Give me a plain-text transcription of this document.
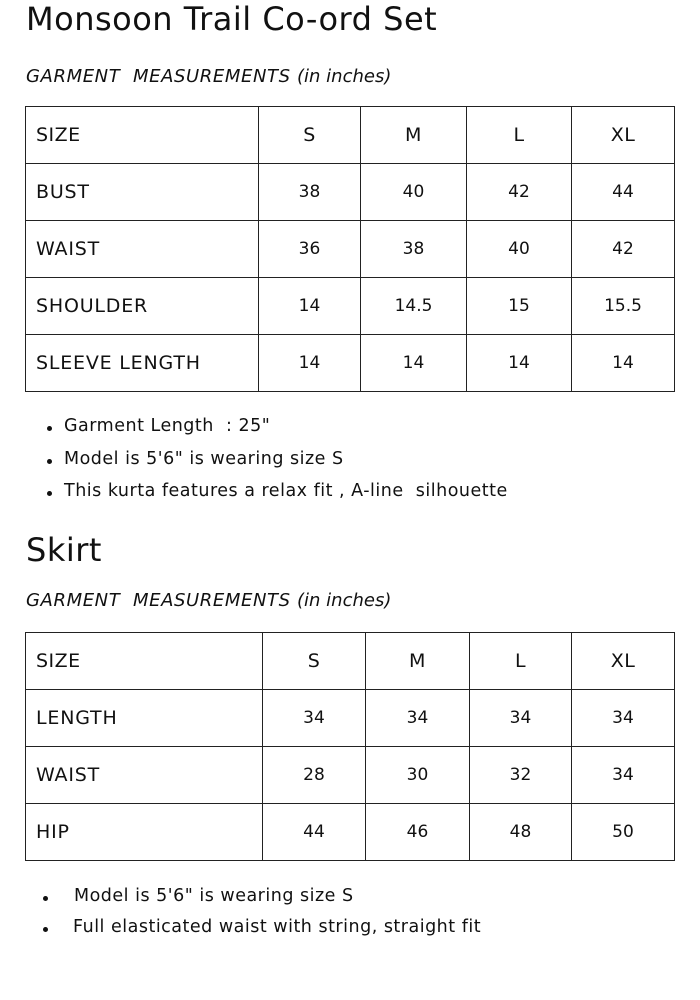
Monsoon Trail Co-ord Set
GARMENT  MEASUREMENTS (in inches)
SIZE	S	M	L	XL
BUST	38	40	42	44
WAIST	36	38	40	42
SHOULDER	14	14.5	15	15.5
SLEEVE LENGTH	14	14	14	14
Garment Length  : 25"
Model is 5'6" is wearing size S
This kurta features a relax fit , A-line  silhouette
Skirt
GARMENT  MEASUREMENTS (in inches)
SIZE	S	M	L	XL
LENGTH	34	34	34	34
WAIST	28	30	32	34
HIP	44	46	48	50
Model is 5'6" is wearing size S
Full elasticated waist with string, straight fit
